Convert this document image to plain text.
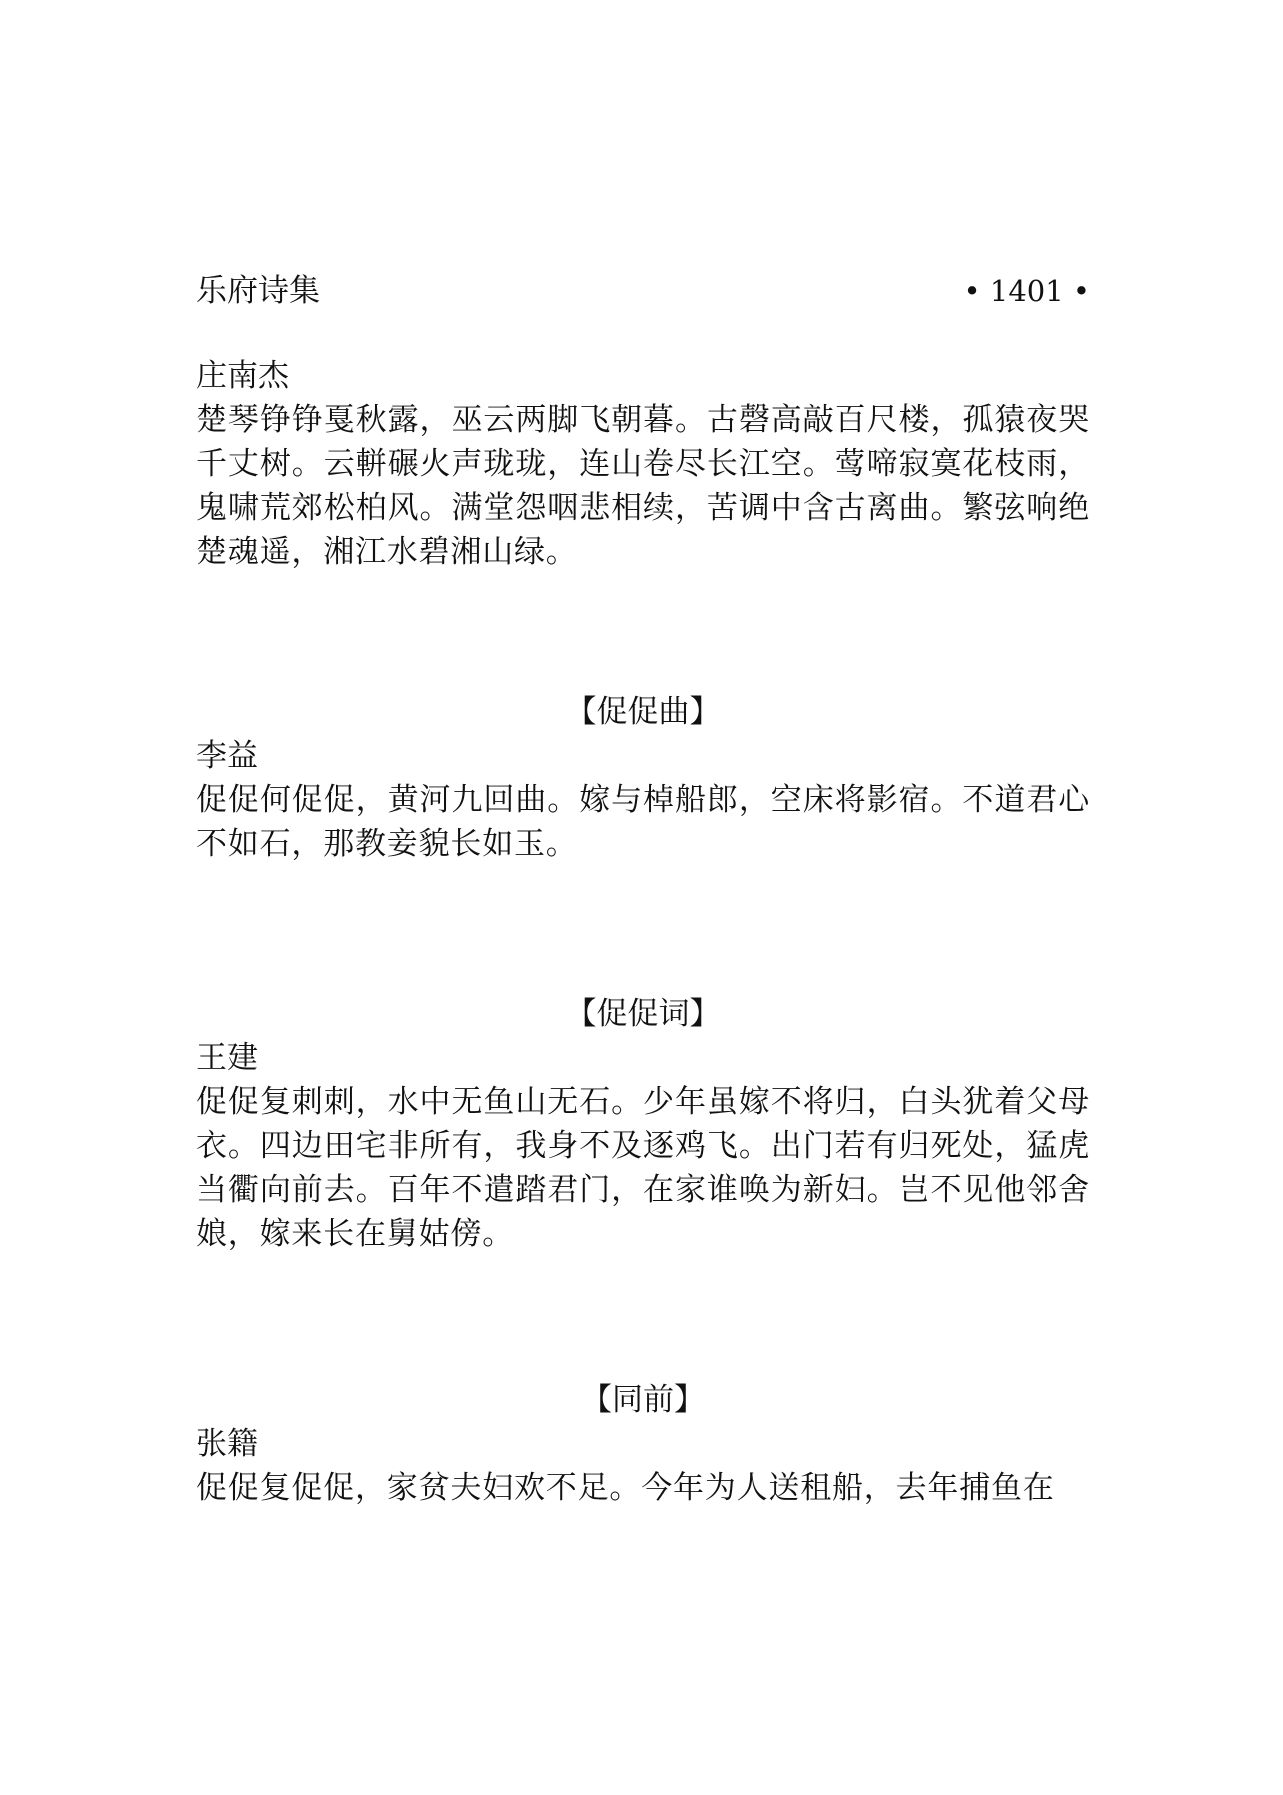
乐府诗集	• 1401 •
庄南杰
楚琴铮铮戛秋露，巫云两脚飞朝暮。古磬高敲百尺楼，孤猿夜哭千丈树。云軿碾火声珑珑，连山卷尽长江空。莺啼寂寞花枝雨，鬼啸荒郊松柏风。满堂怨咽悲相续，苦调中含古离曲。繁弦响绝楚魂遥，湘江水碧湘山绿。
【促促曲】
李益
促促何促促，黄河九回曲。嫁与棹船郎，空床将影宿。不道君心不如石，那教妾貌长如玉。
【促促词】
王建
促促复刺刺，水中无鱼山无石。少年虽嫁不将归，白头犹着父母衣。四边田宅非所有，我身不及逐鸡飞。出门若有归死处，猛虎当衢向前去。百年不遣踏君门，在家谁唤为新妇。岂不见他邻舍娘，嫁来长在舅姑傍。
【同前】
张籍
促促复促促，家贫夫妇欢不足。今年为人送租船，去年捕鱼在
